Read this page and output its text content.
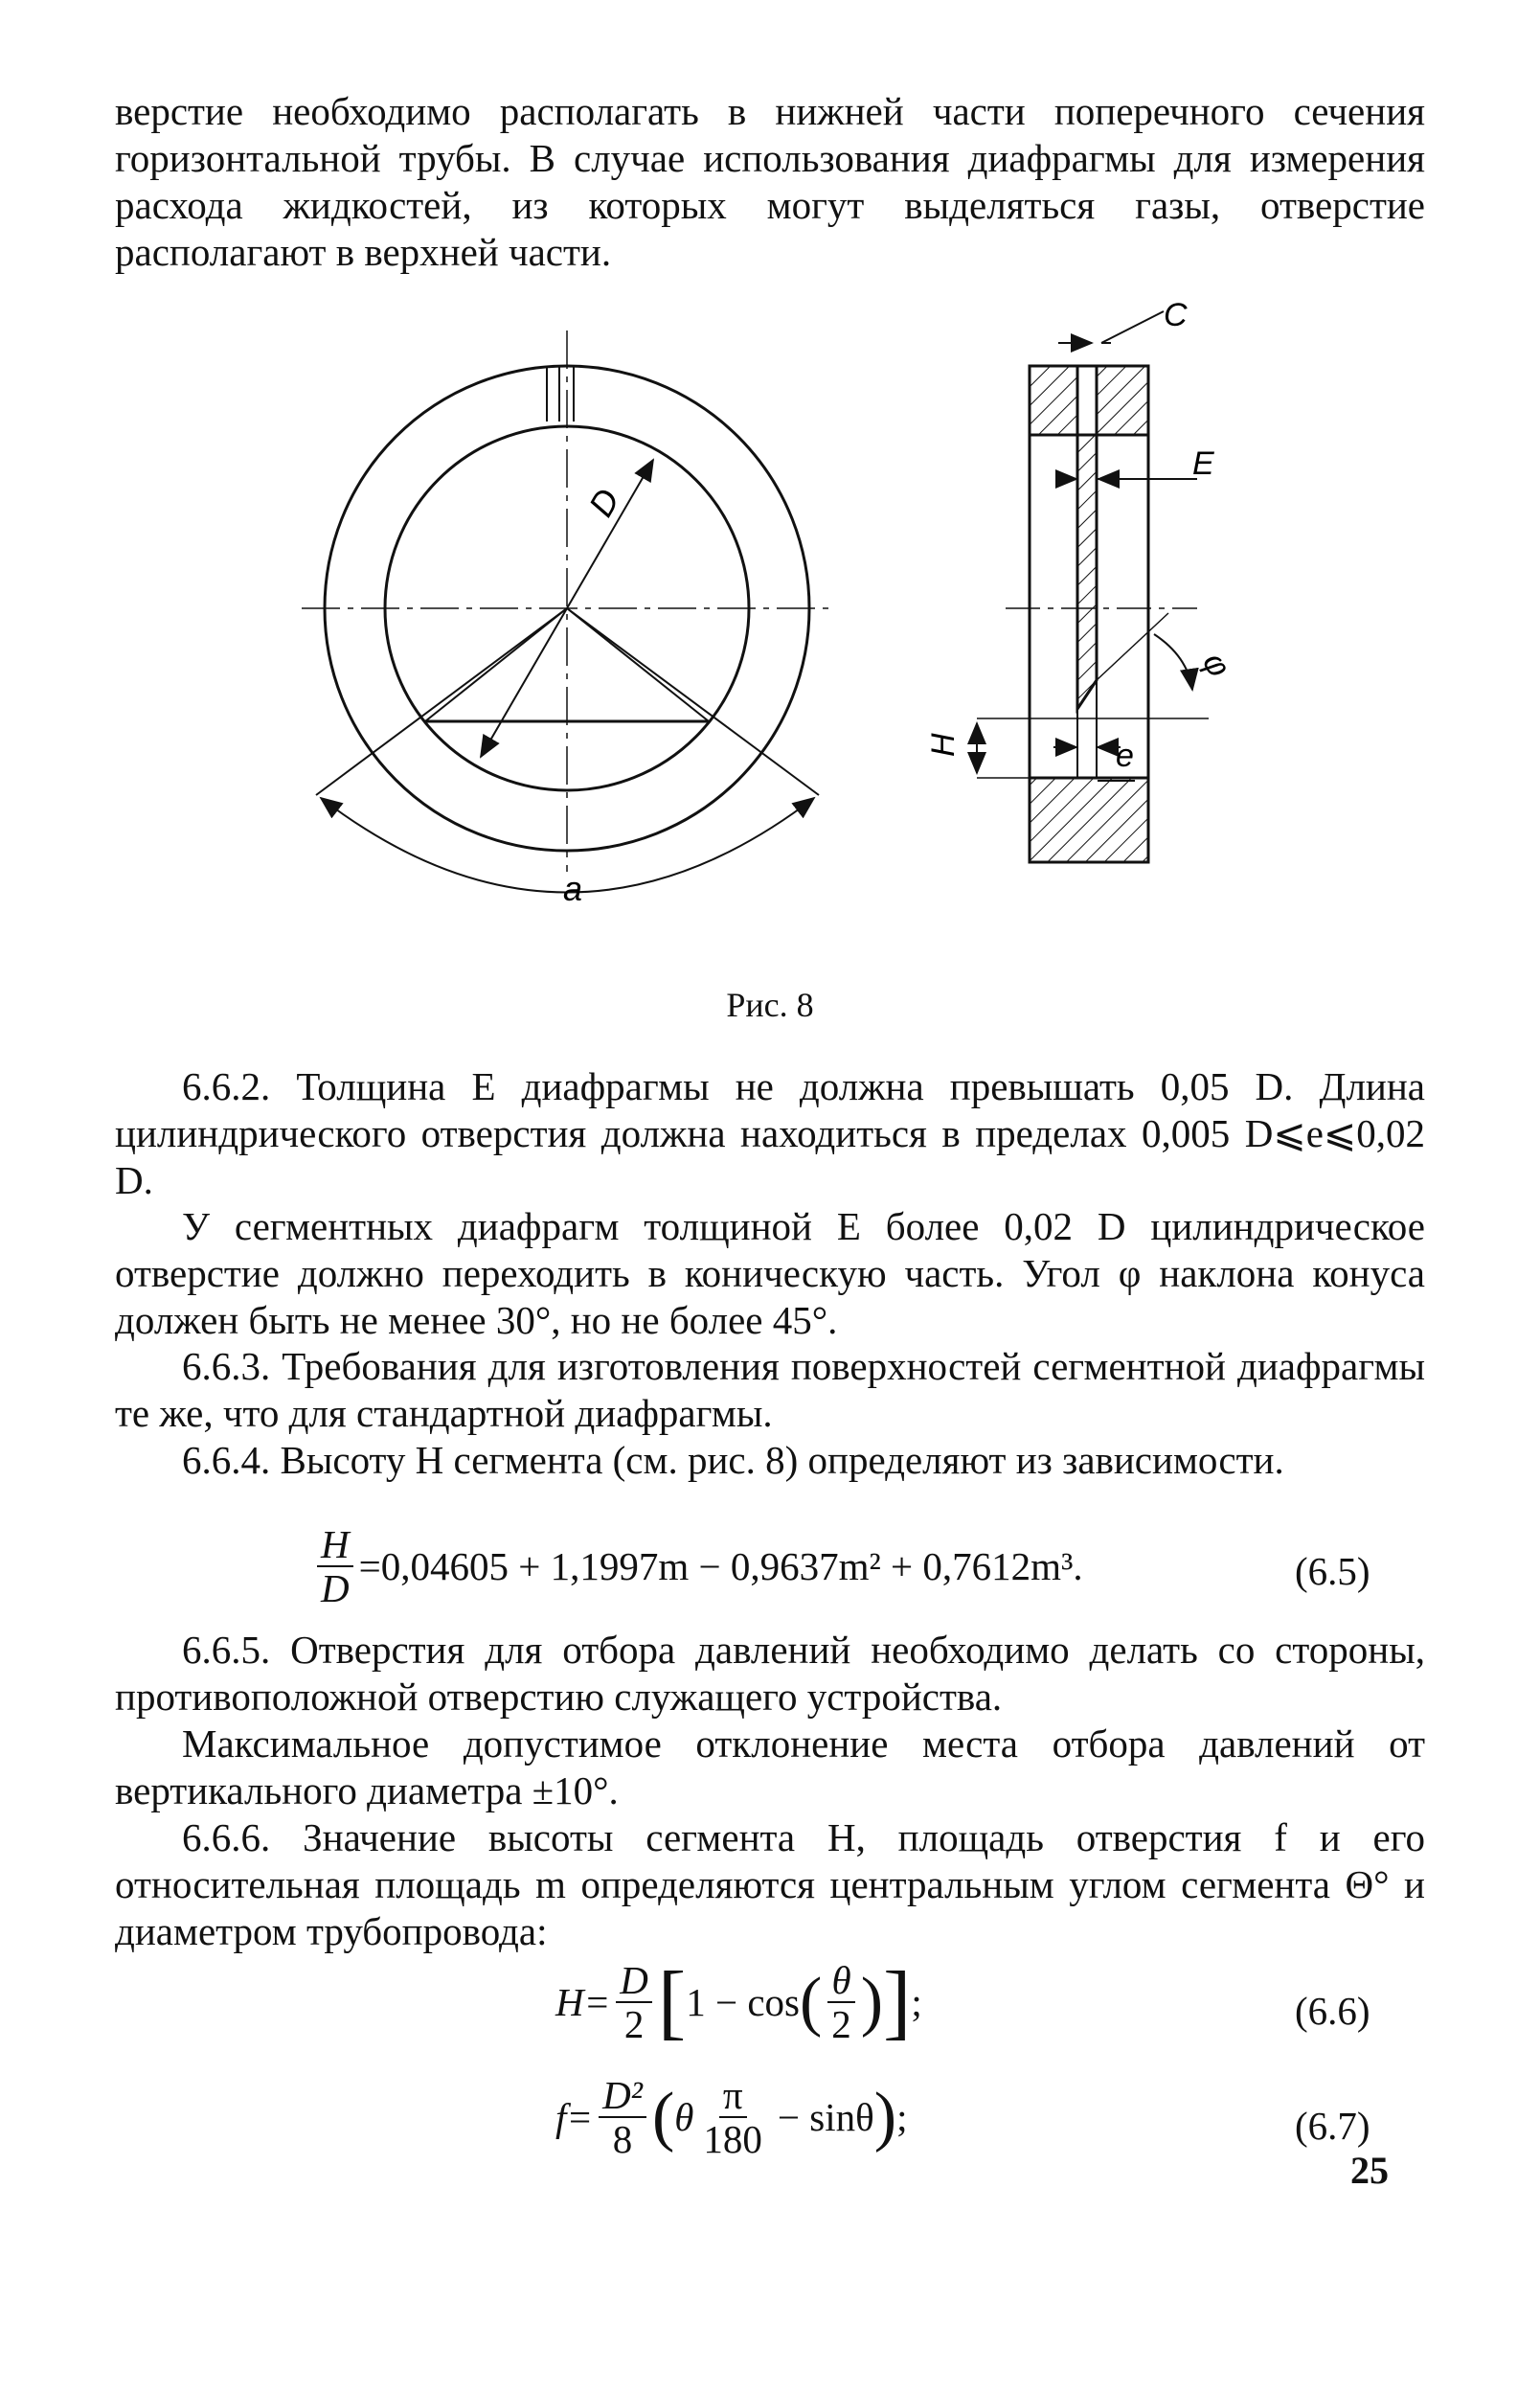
верстие необходимо располагать в нижней части поперечного сечения горизонтальной трубы. В случае использования диафрагмы для измерения расхода жидкостей, из которых могут выделяться газы, отверстие располагают в верхней части.

D
a
C
E
φ
H	e
Рис. 8

6.6.2. Толщина E диафрагмы не должна превышать 0,05 D. Длина цилиндрического отверстия должна находиться в пределах 0,005 D⩽e⩽0,02 D.

У сегментных диафрагм толщиной E более 0,02 D цилиндрическое отверстие должно переходить в коническую часть. Угол φ наклона конуса должен быть не менее 30°, но не более 45°.

6.6.3. Требования для изготовления поверхностей сегментной диафрагмы те же, что для стандартной диафрагмы.

6.6.4. Высоту H сегмента (см. рис. 8) определяют из зависимости.

$\frac{H}{D} =0,04605 + 1,1997m - 0,9637m^2 + 0,7612m^3$.	(6.5)

6.6.5. Отверстия для отбора давлений необходимо делать со стороны, противоположной отверстию служащего устройства.

Максимальное допустимое отклонение места отбора давлений от вертикального диаметра ±10°.

6.6.6. Значение высоты сегмента H, площадь отверстия f и его относительная площадь m определяются центральным углом сегмента Θ° и диаметром трубопровода:

$H= \frac{D}{2}$ [ 1 − cos ( $\frac{\theta}{2}$ ) ] ;	(6.6)
$f= \frac{\text{D²}}{8}$ ( θ $\frac{\pi}{180} - \sin\theta$ ) ;	(6.7)
25
